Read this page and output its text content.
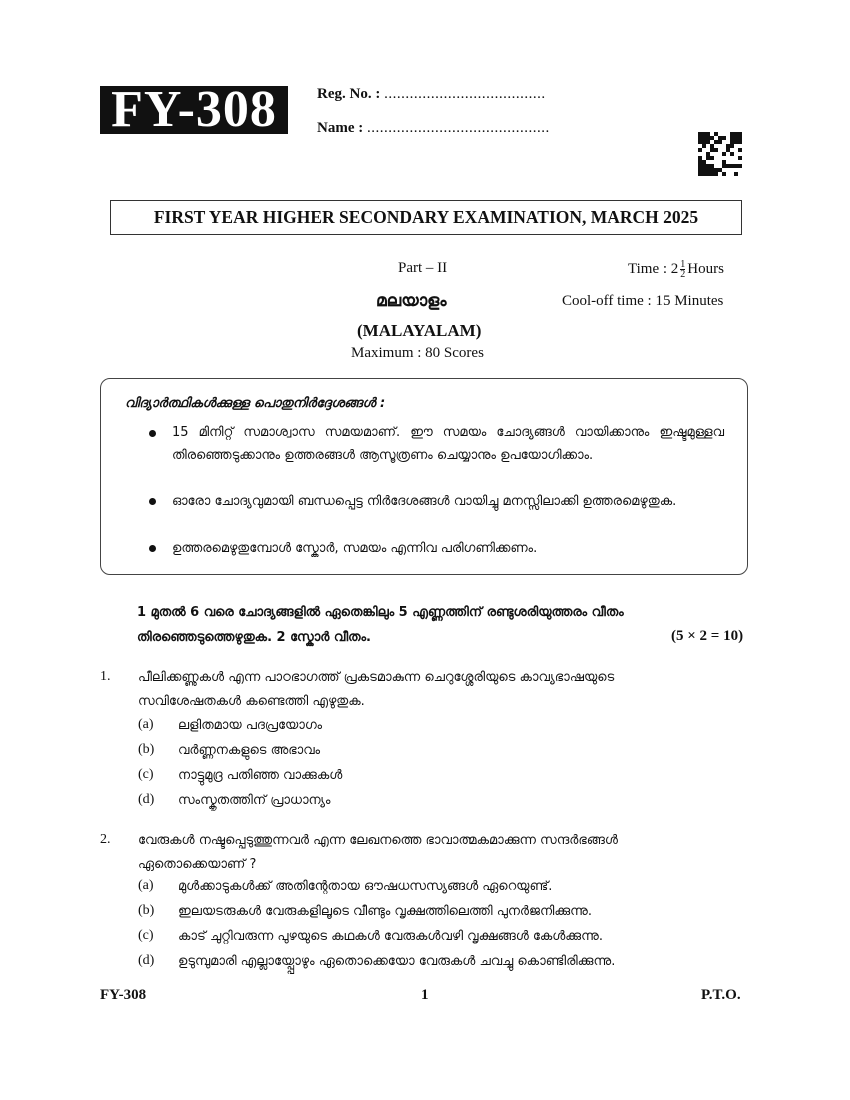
FY-308	Reg. No. : ......................................
Name : ...........................................
FIRST YEAR HIGHER SECONDARY EXAMINATION, MARCH 2025
Part – II	Time : $2 \frac{1}{2}$ Hours
മലയാളം	Cool-off time : 15 Minutes
(MALAYALAM)
Maximum : 80 Scores
വിദ്യാർത്ഥികൾക്കുള്ള പൊതുനിർദ്ദേശങ്ങൾ :
15 മിനിറ്റ് സമാശ്വാസ സമയമാണ്. ഈ സമയം ചോദ്യങ്ങൾ വായിക്കാനും ഇഷ്ടമുള്ളവ തിരഞ്ഞെടുക്കാനും ഉത്തരങ്ങൾ ആസൂത്രണം ചെയ്യാനും ഉപയോഗിക്കാം.
ഓരോ ചോദ്യവുമായി ബന്ധപ്പെട്ട നിർദേശങ്ങൾ വായിച്ചു മനസ്സിലാക്കി ഉത്തരമെഴുതുക.
ഉത്തരമെഴുതുമ്പോൾ സ്കോർ, സമയം എന്നിവ പരിഗണിക്കണം.
1 മുതൽ 6 വരെ ചോദ്യങ്ങളിൽ ഏതെങ്കിലും 5 എണ്ണത്തിന് രണ്ടുശരിയുത്തരം വീതം
തിരഞ്ഞെടുത്തെഴുതുക. 2 സ്കോർ വീതം.	(5 × 2 = 10)
1. പീലിക്കണ്ണുകൾ എന്ന പാഠഭാഗത്ത് പ്രകടമാകുന്ന ചെറുശ്ശേരിയുടെ കാവ്യഭാഷയുടെ
സവിശേഷതകൾ കണ്ടെത്തി എഴുതുക.
(a) ലളിതമായ പദപ്രയോഗം
(b) വർണ്ണനകളുടെ അഭാവം
(c) നാട്ടുമുദ്ര പതിഞ്ഞ വാക്കുകൾ
(d) സംസ്കൃതത്തിന് പ്രാധാന്യം
2. വേരുകൾ നഷ്ടപ്പെടുത്തുന്നവർ എന്ന ലേഖനത്തെ ഭാവാത്മകമാക്കുന്ന സന്ദർഭങ്ങൾ
ഏതൊക്കെയാണ് ?
(a) മുൾക്കാടുകൾക്ക് അതിന്റേതായ ഔഷധസസ്യങ്ങൾ ഏറെയുണ്ട്.
(b) ഇലയടരുകൾ വേരുകളിലൂടെ വീണ്ടും വൃക്ഷത്തിലെത്തി പുനർജനിക്കുന്നു.
(c) കാട് ചുറ്റിവരുന്ന പുഴയുടെ കഥകൾ വേരുകൾവഴി വൃക്ഷങ്ങൾ കേൾക്കുന്നു.
(d) ഉടുമ്പുമാരി എല്ലായ്പ്പോഴും ഏതൊക്കെയോ വേരുകൾ ചവച്ചു കൊണ്ടിരിക്കുന്നു.
FY-308	1	P.T.O.
